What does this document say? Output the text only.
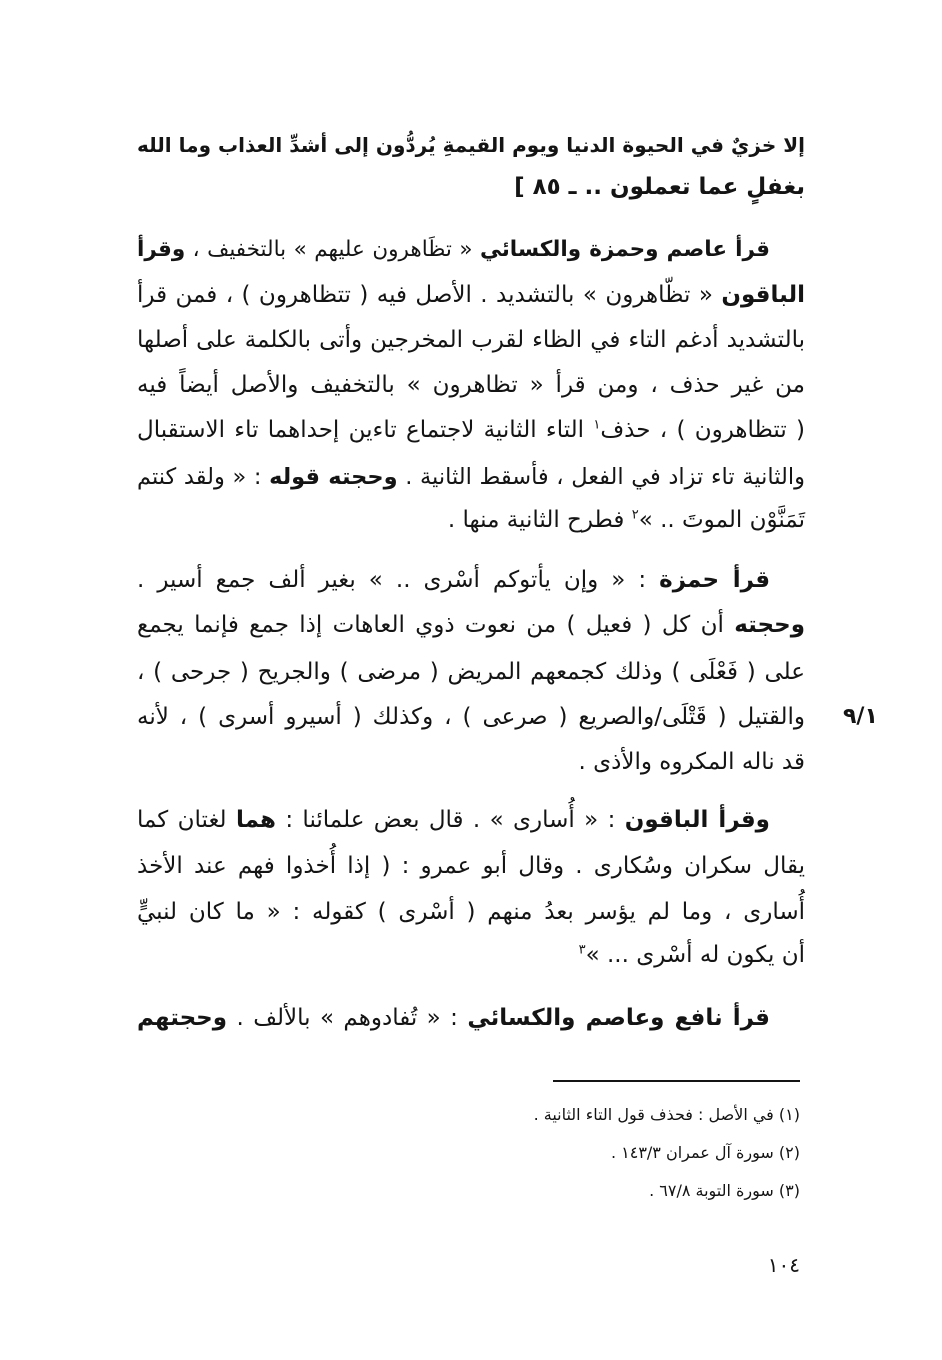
إلا خزيٌ في الحيوة الدنيا ويوم القيمةِ يُردُّون إلى أشدِّ العذاب وما الله
بغفلٍ عما تعملون .. ـ ٨٥ ]
قرأ عاصم وحمزة والكسائي « تظَاهرون عليهم » بالتخفيف ، وقرأ
الباقون « تظّاهرون » بالتشديد . الأصل فيه ( تتظاهرون ) ، فمن قرأ
بالتشديد أدغم التاء في الظاء لقرب المخرجين وأتى بالكلمة على أصلها
من غير حذف ، ومن قرأ « تظاهرون » بالتخفيف والأصل أيضاً فيه
( تتظاهرون ) ، حذف$^١$ التاء الثانية لاجتماع تاءين إحداهما تاء الاستقبال
والثانية تاء تزاد في الفعل ، فأسقط الثانية . وحجته قوله : « ولقد كنتم
تَمَنَّوْن الموتَ .. »$^٢$ فطرح الثانية منها .
قرأ حمزة : « وإن يأتوكم أسْرى .. » بغير ألف جمع أسير .
وحجته أن كل ( فعيل ) من نعوت ذوي العاهات إذا جمع فإنما يجمع
على ( فَعْلَى ) وذلك كجمعهم المريض ( مرضى ) والجريح ( جرحى ) ،
والقتيل ( قَتْلَى/والصريع ( صرعى ) ، وكذلك ( أسيرو أسرى ) ، لأنه
قد ناله المكروه والأذى .
٩/١
وقرأ الباقون : « أُسارى » . قال بعض علمائنا : هما لغتان كما
يقال سكران وسُكارى . وقال أبو عمرو : ( إذا أُخذوا فهم عند الأخذ
أُسارى ، وما لم يؤسر بعدُ منهم ( أسْرى ) كقوله : « ما كان لنبيٍّ
أن يكون له أسْرى ... »$^٣$
قرأ نافع وعاصم والكسائي : « تُفادوهم » بالألف . وحجتهم
(١) في الأصل : فحذف قول التاء الثانية .
(٢) سورة آل عمران ١٤٣/٣ .
(٣) سورة التوبة ٦٧/٨ .
١٠٤
